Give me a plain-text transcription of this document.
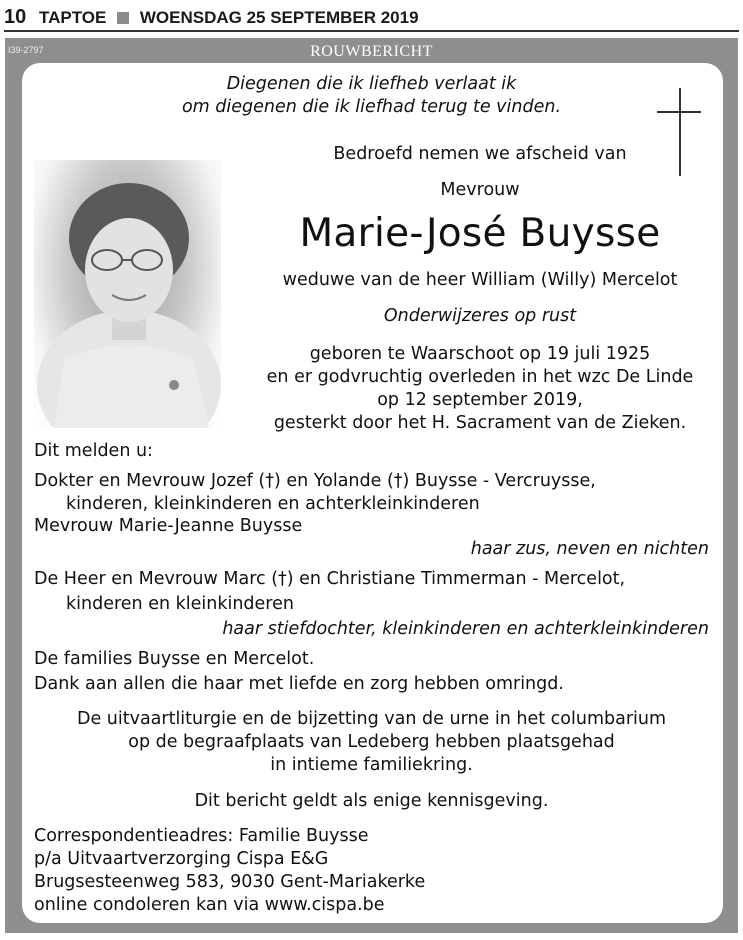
10 TAPTOE WOENSDAG 25 SEPTEMBER 2019
I39-2797	ROUWBERICHT
Diegenen die ik liefheb verlaat ik
om diegenen die ik liefhad terug te vinden.
Bedroefd nemen we afscheid van
Mevrouw
Marie-José Buysse
weduwe van de heer William (Willy) Mercelot
Onderwijzeres op rust
geboren te Waarschoot op 19 juli 1925
en er godvruchtig overleden in het wzc De Linde
op 12 september 2019,
gesterkt door het H. Sacrament van de Zieken.
Dit melden u:
Dokter en Mevrouw Jozef (†) en Yolande (†) Buysse - Vercruysse,
kinderen, kleinkinderen en achterkleinkinderen
Mevrouw Marie-Jeanne Buysse
haar zus, neven en nichten
De Heer en Mevrouw Marc (†) en Christiane Timmerman - Mercelot,
kinderen en kleinkinderen
haar stiefdochter, kleinkinderen en achterkleinkinderen
De families Buysse en Mercelot.
Dank aan allen die haar met liefde en zorg hebben omringd.
De uitvaartliturgie en de bijzetting van de urne in het columbarium
op de begraafplaats van Ledeberg hebben plaatsgehad
in intieme familiekring.
Dit bericht geldt als enige kennisgeving.
Correspondentieadres: Familie Buysse
p/a Uitvaartverzorging Cispa E&G
Brugsesteenweg 583, 9030 Gent-Mariakerke
online condoleren kan via www.cispa.be
